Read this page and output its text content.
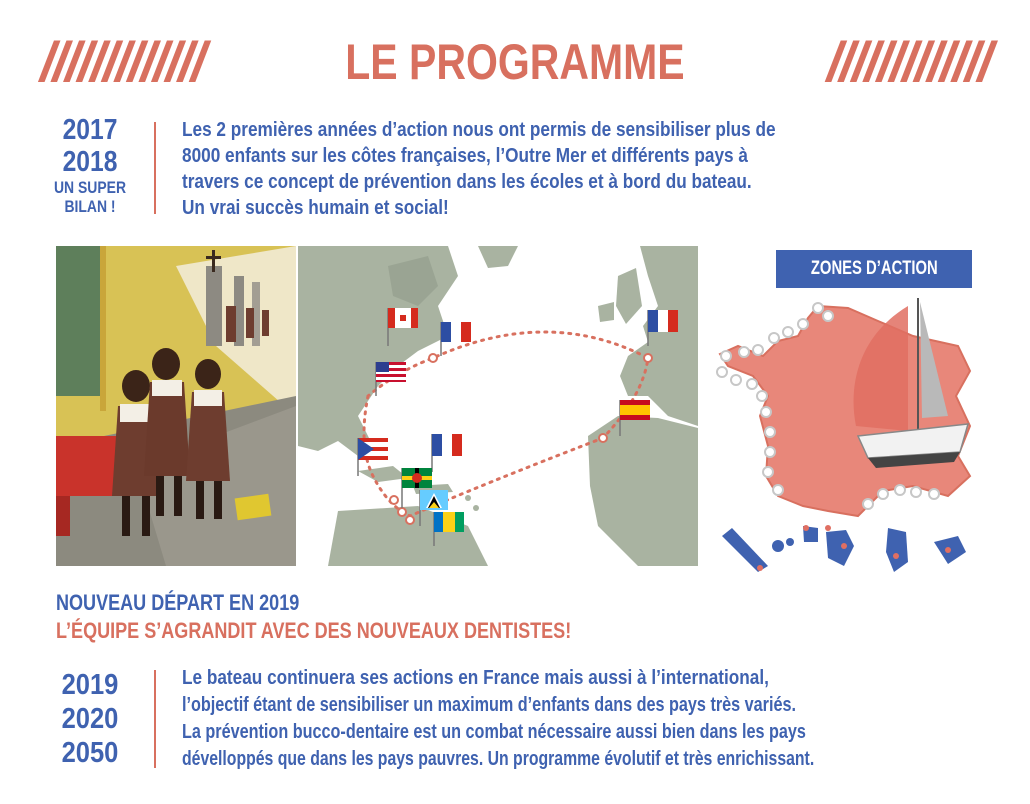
/////////////	LE PROGRAMME	/////////////
2017
2018
UN SUPER
BILAN !
Les 2 premières années d’action nous ont permis de sensibiliser plus de
8000 enfants sur les côtes françaises, l’Outre Mer et différents pays à
travers ce concept de prévention dans les écoles et à bord du bateau.
Un vrai succès humain et social!
ZONES D’ACTION
NOUVEAU DÉPART EN 2019
L’ÉQUIPE S’AGRANDIT AVEC DES NOUVEAUX DENTISTES!
2019
2020
2050
Le bateau continuera ses actions en France mais aussi à l’international,
l’objectif étant de sensibiliser un maximum d’enfants dans des pays très variés.
La prévention bucco-dentaire est un combat nécessaire aussi bien dans les pays
dévelloppés que dans les pays pauvres. Un programme évolutif et très enrichissant.
